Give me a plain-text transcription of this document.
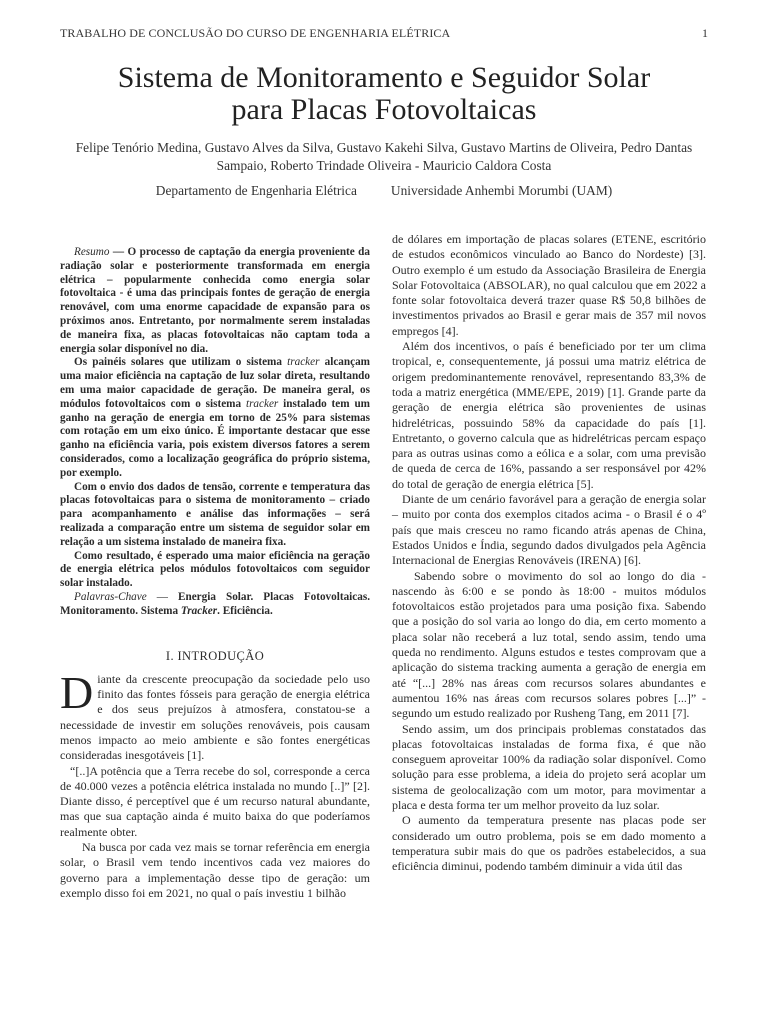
TRABALHO DE CONCLUSÃO DO CURSO DE ENGENHARIA ELÉTRICA	1
Sistema de Monitoramento e Seguidor Solar
para Placas Fotovoltaicas
Felipe Tenório Medina, Gustavo Alves da Silva, Gustavo Kakehi Silva, Gustavo Martins de Oliveira, Pedro Dantas Sampaio, Roberto Trindade Oliveira - Mauricio Caldora Costa
Departamento de Engenharia Elétrica	Universidade Anhembi Morumbi (UAM)

Resumo — O processo de captação da energia proveniente da radiação solar e posteriormente transformada em energia elétrica – popularmente conhecida como energia solar fotovoltaica - é uma das principais fontes de geração de energia renovável, com uma enorme capacidade de expansão para os próximos anos. Entretanto, por normalmente serem instaladas de maneira fixa, as placas fotovoltaicas não captam toda a energia solar disponível no dia.

Os painéis solares que utilizam o sistema tracker alcançam uma maior eficiência na captação de luz solar direta, resultando em uma maior capacidade de geração. De maneira geral, os módulos fotovoltaicos com o sistema tracker instalado tem um ganho na geração de energia em torno de 25% para sistemas com rotação em um eixo único. É importante destacar que esse ganho na eficiência varia, pois existem diversos fatores a serem considerados, como a localização geográfica do próprio sistema, por exemplo.

Com o envio dos dados de tensão, corrente e temperatura das placas fotovoltaicas para o sistema de monitoramento – criado para acompanhamento e análise das informações – será realizada a comparação entre um sistema de seguidor solar em relação a um sistema instalado de maneira fixa.

Como resultado, é esperado uma maior eficiência na geração de energia elétrica pelos módulos fotovoltaicos com seguidor solar instalado.

Palavras-Chave — Energia Solar. Placas Fotovoltaicas. Monitoramento. Sistema Tracker. Eficiência.

I. INTRODUÇÃO

Diante da crescente preocupação da sociedade pelo uso finito das fontes fósseis para geração de energia elétrica e dos seus prejuízos à atmosfera, constatou-se a necessidade de investir em soluções renováveis, pois causam menos impacto ao meio ambiente e são fontes energéticas consideradas inesgotáveis [1].

“[..]A potência que a Terra recebe do sol, corresponde a cerca de 40.000 vezes a potência elétrica instalada no mundo [..]” [2]. Diante disso, é perceptível que é um recurso natural abundante, mas que sua captação ainda é muito baixa do que poderíamos realmente obter.

Na busca por cada vez mais se tornar referência em energia solar, o Brasil vem tendo incentivos cada vez maiores do governo para a implementação desse tipo de geração: um exemplo disso foi em 2021, no qual o país investiu 1 bilhão

de dólares em importação de placas solares (ETENE, escritório de estudos econômicos vinculado ao Banco do Nordeste) [3]. Outro exemplo é um estudo da Associação Brasileira de Energia Solar Fotovoltaica (ABSOLAR), no qual calculou que em 2022 a fonte solar fotovoltaica deverá trazer quase R$ 50,8 bilhões de investimentos privados ao Brasil e gerar mais de 357 mil novos empregos [4].

Além dos incentivos, o país é beneficiado por ter um clima tropical, e, consequentemente, já possui uma matriz elétrica de origem predominantemente renovável, representando 83,3% de toda a matriz energética (MME/EPE, 2019) [1]. Grande parte da geração de energia elétrica são provenientes de usinas hidrelétricas, possuindo 58% da capacidade do país [1]. Entretanto, o governo calcula que as hidrelétricas percam espaço para as outras usinas como a eólica e a solar, com uma previsão de queda de cerca de 16%, passando a ser responsável por 42% do total de geração de energia elétrica [5].

Diante de um cenário favorável para a geração de energia solar – muito por conta dos exemplos citados acima - o Brasil é o 4º país que mais cresceu no ramo ficando atrás apenas de China, Estados Unidos e Índia, segundo dados divulgados pela Agência Internacional de Energias Renováveis (IRENA) [6].

Sabendo sobre o movimento do sol ao longo do dia - nascendo às 6:00 e se pondo às 18:00 - muitos módulos fotovoltaicos estão projetados para uma posição fixa. Sabendo que a posição do sol varia ao longo do dia, em certo momento a placa solar não receberá a luz total, sendo assim, tendo uma queda no rendimento. Alguns estudos e testes comprovam que a aplicação do sistema tracking aumenta a geração de energia em até “[...] 28% nas áreas com recursos solares abundantes e aumentou 16% nas áreas com recursos solares pobres [...]” -segundo um estudo realizado por Rusheng Tang, em 2011 [7].

Sendo assim, um dos principais problemas constatados das placas fotovoltaicas instaladas de forma fixa, é que não conseguem aproveitar 100% da radiação solar disponível. Como solução para esse problema, a ideia do projeto será acoplar um sistema de geolocalização com um motor, para movimentar a placa e desta forma ter um melhor proveito da luz solar.

O aumento da temperatura presente nas placas pode ser considerado um outro problema, pois se em dado momento a temperatura subir mais do que os padrões estabelecidos, a sua eficiência diminui, podendo também diminuir a vida útil das
